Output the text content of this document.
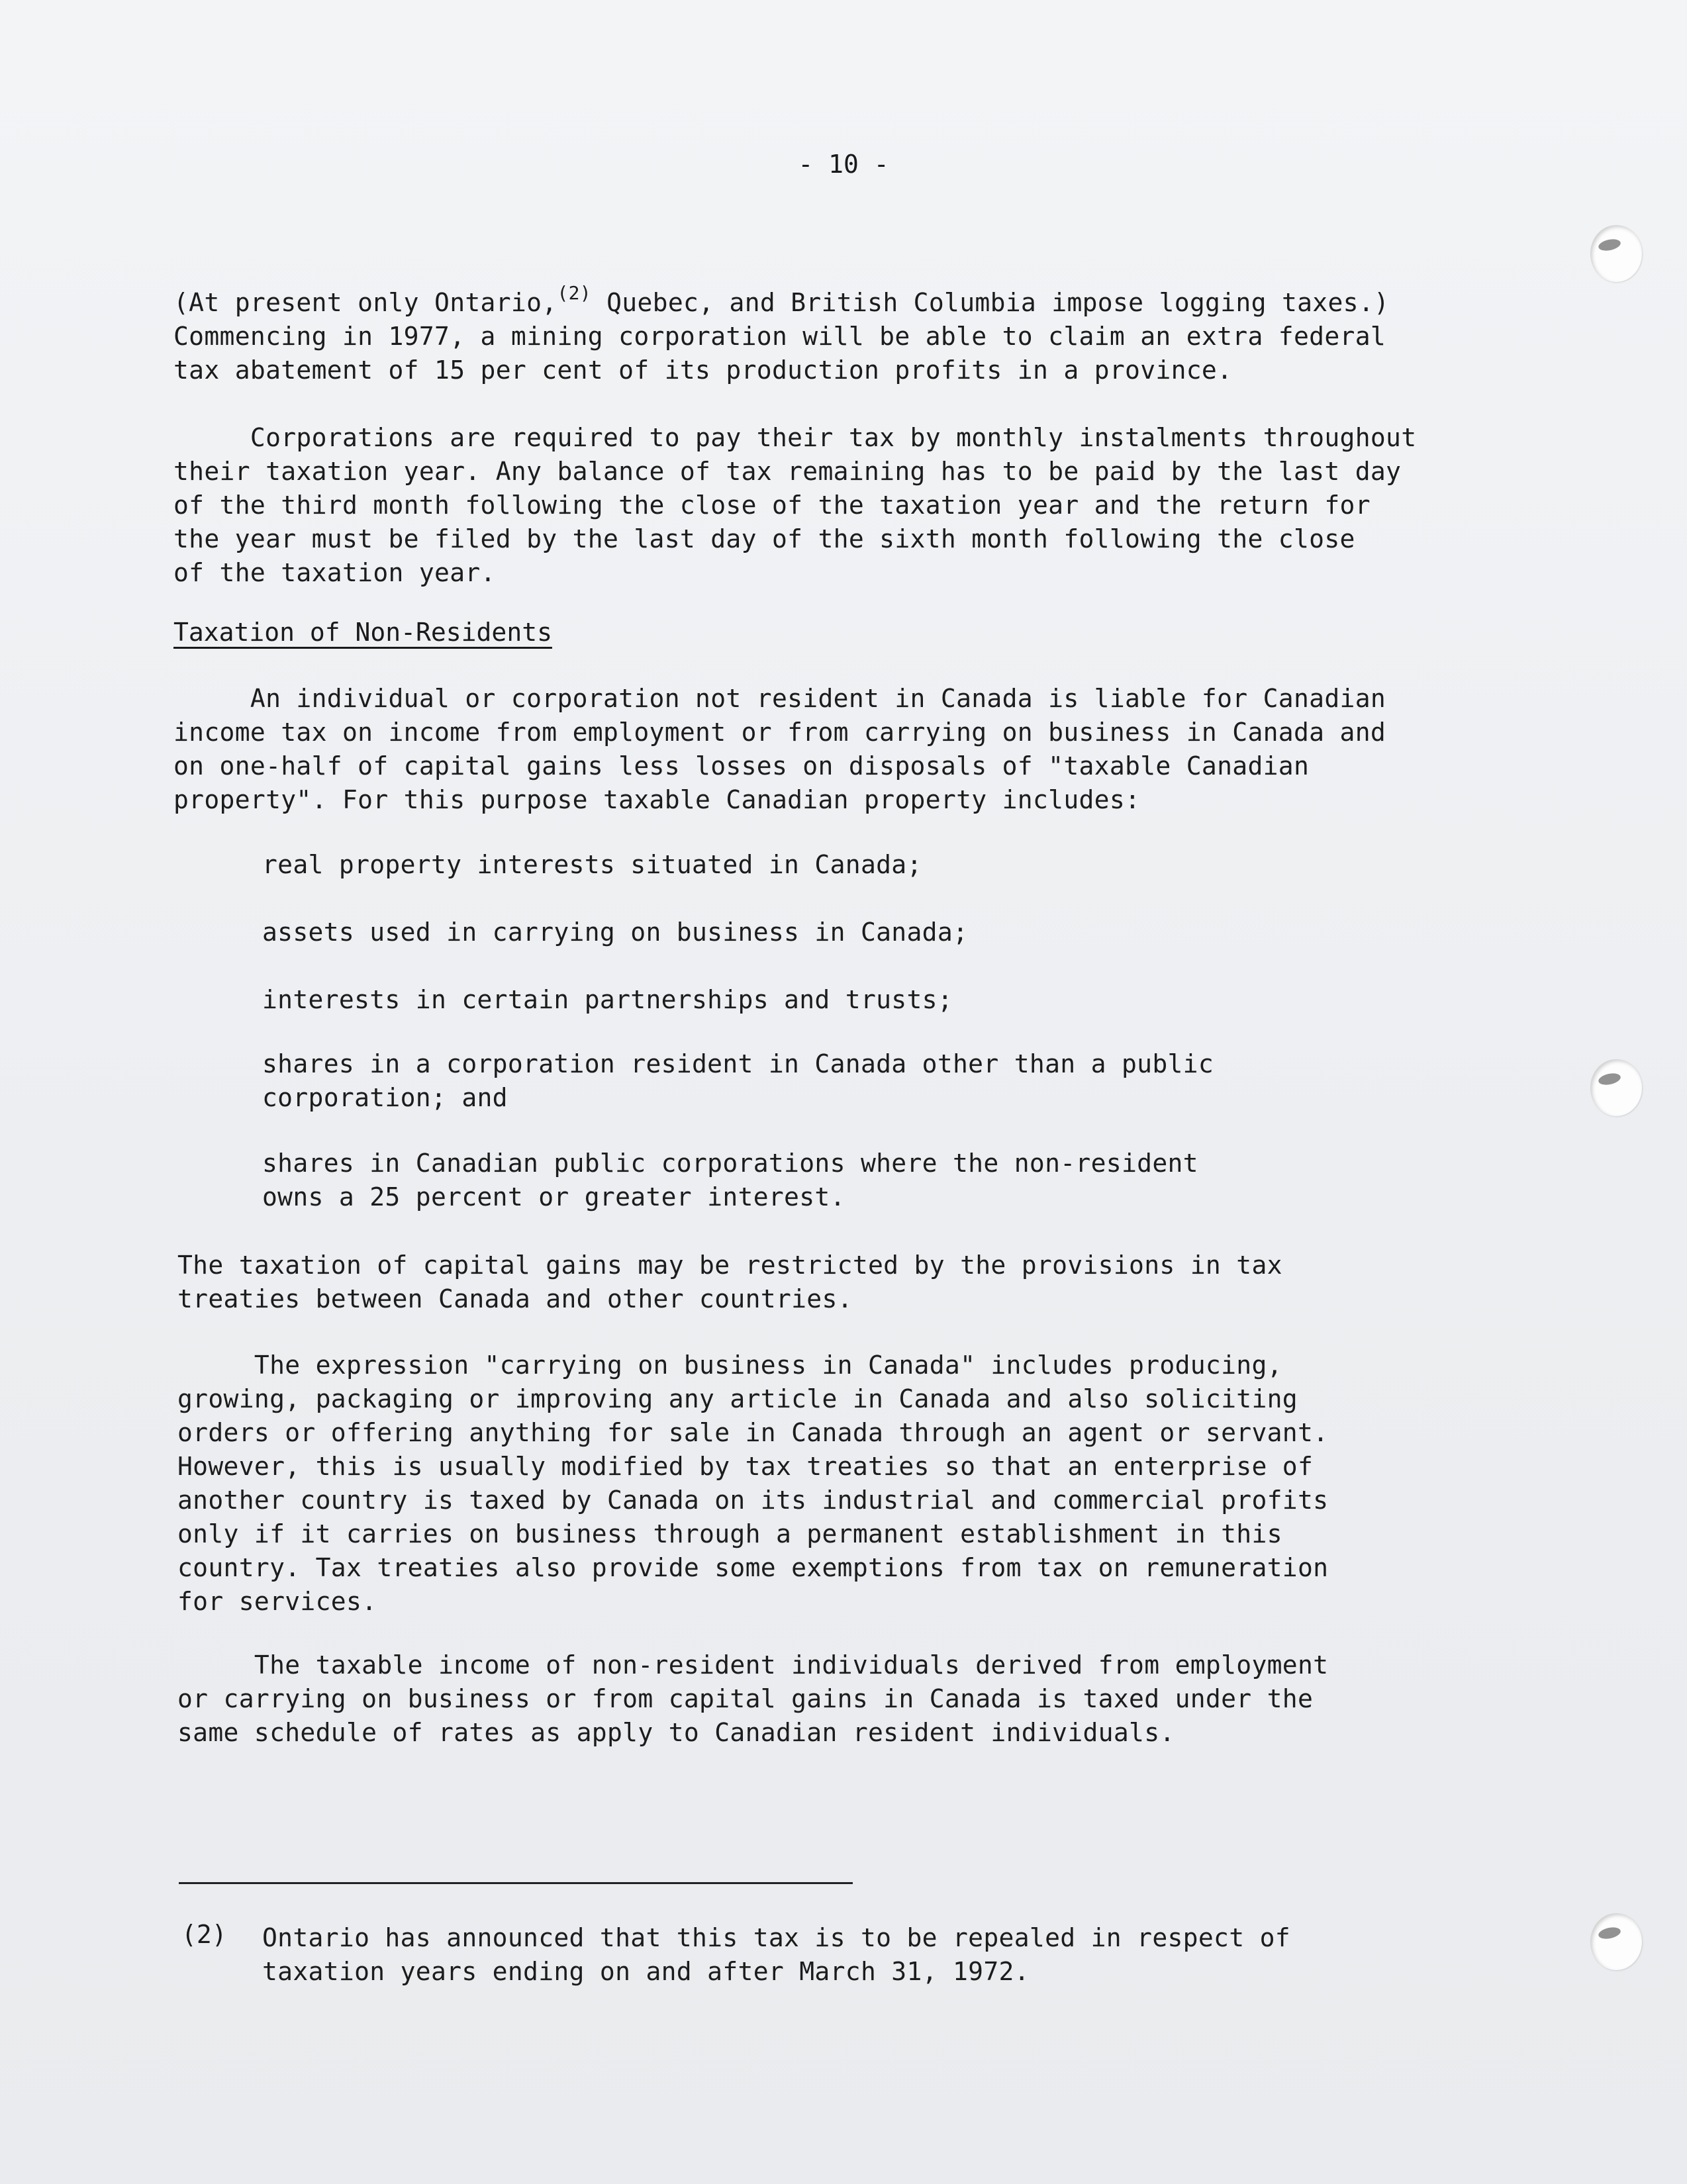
- 10 -
(At present only Ontario,$^{(2)}$ Quebec, and British Columbia impose logging taxes.)
Commencing in 1977, a mining corporation will be able to claim an extra federal
tax abatement of 15 per cent of its production profits in a province.
Corporations are required to pay their tax by monthly instalments throughout
their taxation year. Any balance of tax remaining has to be paid by the last day
of the third month following the close of the taxation year and the return for
the year must be filed by the last day of the sixth month following the close
of the taxation year.
Taxation of Non-Residents
An individual or corporation not resident in Canada is liable for Canadian
income tax on income from employment or from carrying on business in Canada and
on one-half of capital gains less losses on disposals of "taxable Canadian
property". For this purpose taxable Canadian property includes:
real property interests situated in Canada;
assets used in carrying on business in Canada;
interests in certain partnerships and trusts;
shares in a corporation resident in Canada other than a public
corporation; and
shares in Canadian public corporations where the non-resident
owns a 25 percent or greater interest.
The taxation of capital gains may be restricted by the provisions in tax
treaties between Canada and other countries.
The expression "carrying on business in Canada" includes producing,
growing, packaging or improving any article in Canada and also soliciting
orders or offering anything for sale in Canada through an agent or servant.
However, this is usually modified by tax treaties so that an enterprise of
another country is taxed by Canada on its industrial and commercial profits
only if it carries on business through a permanent establishment in this
country. Tax treaties also provide some exemptions from tax on remuneration
for services.
The taxable income of non-resident individuals derived from employment
or carrying on business or from capital gains in Canada is taxed under the
same schedule of rates as apply to Canadian resident individuals.
(2) Ontario has announced that this tax is to be repealed in respect of
taxation years ending on and after March 31, 1972.
